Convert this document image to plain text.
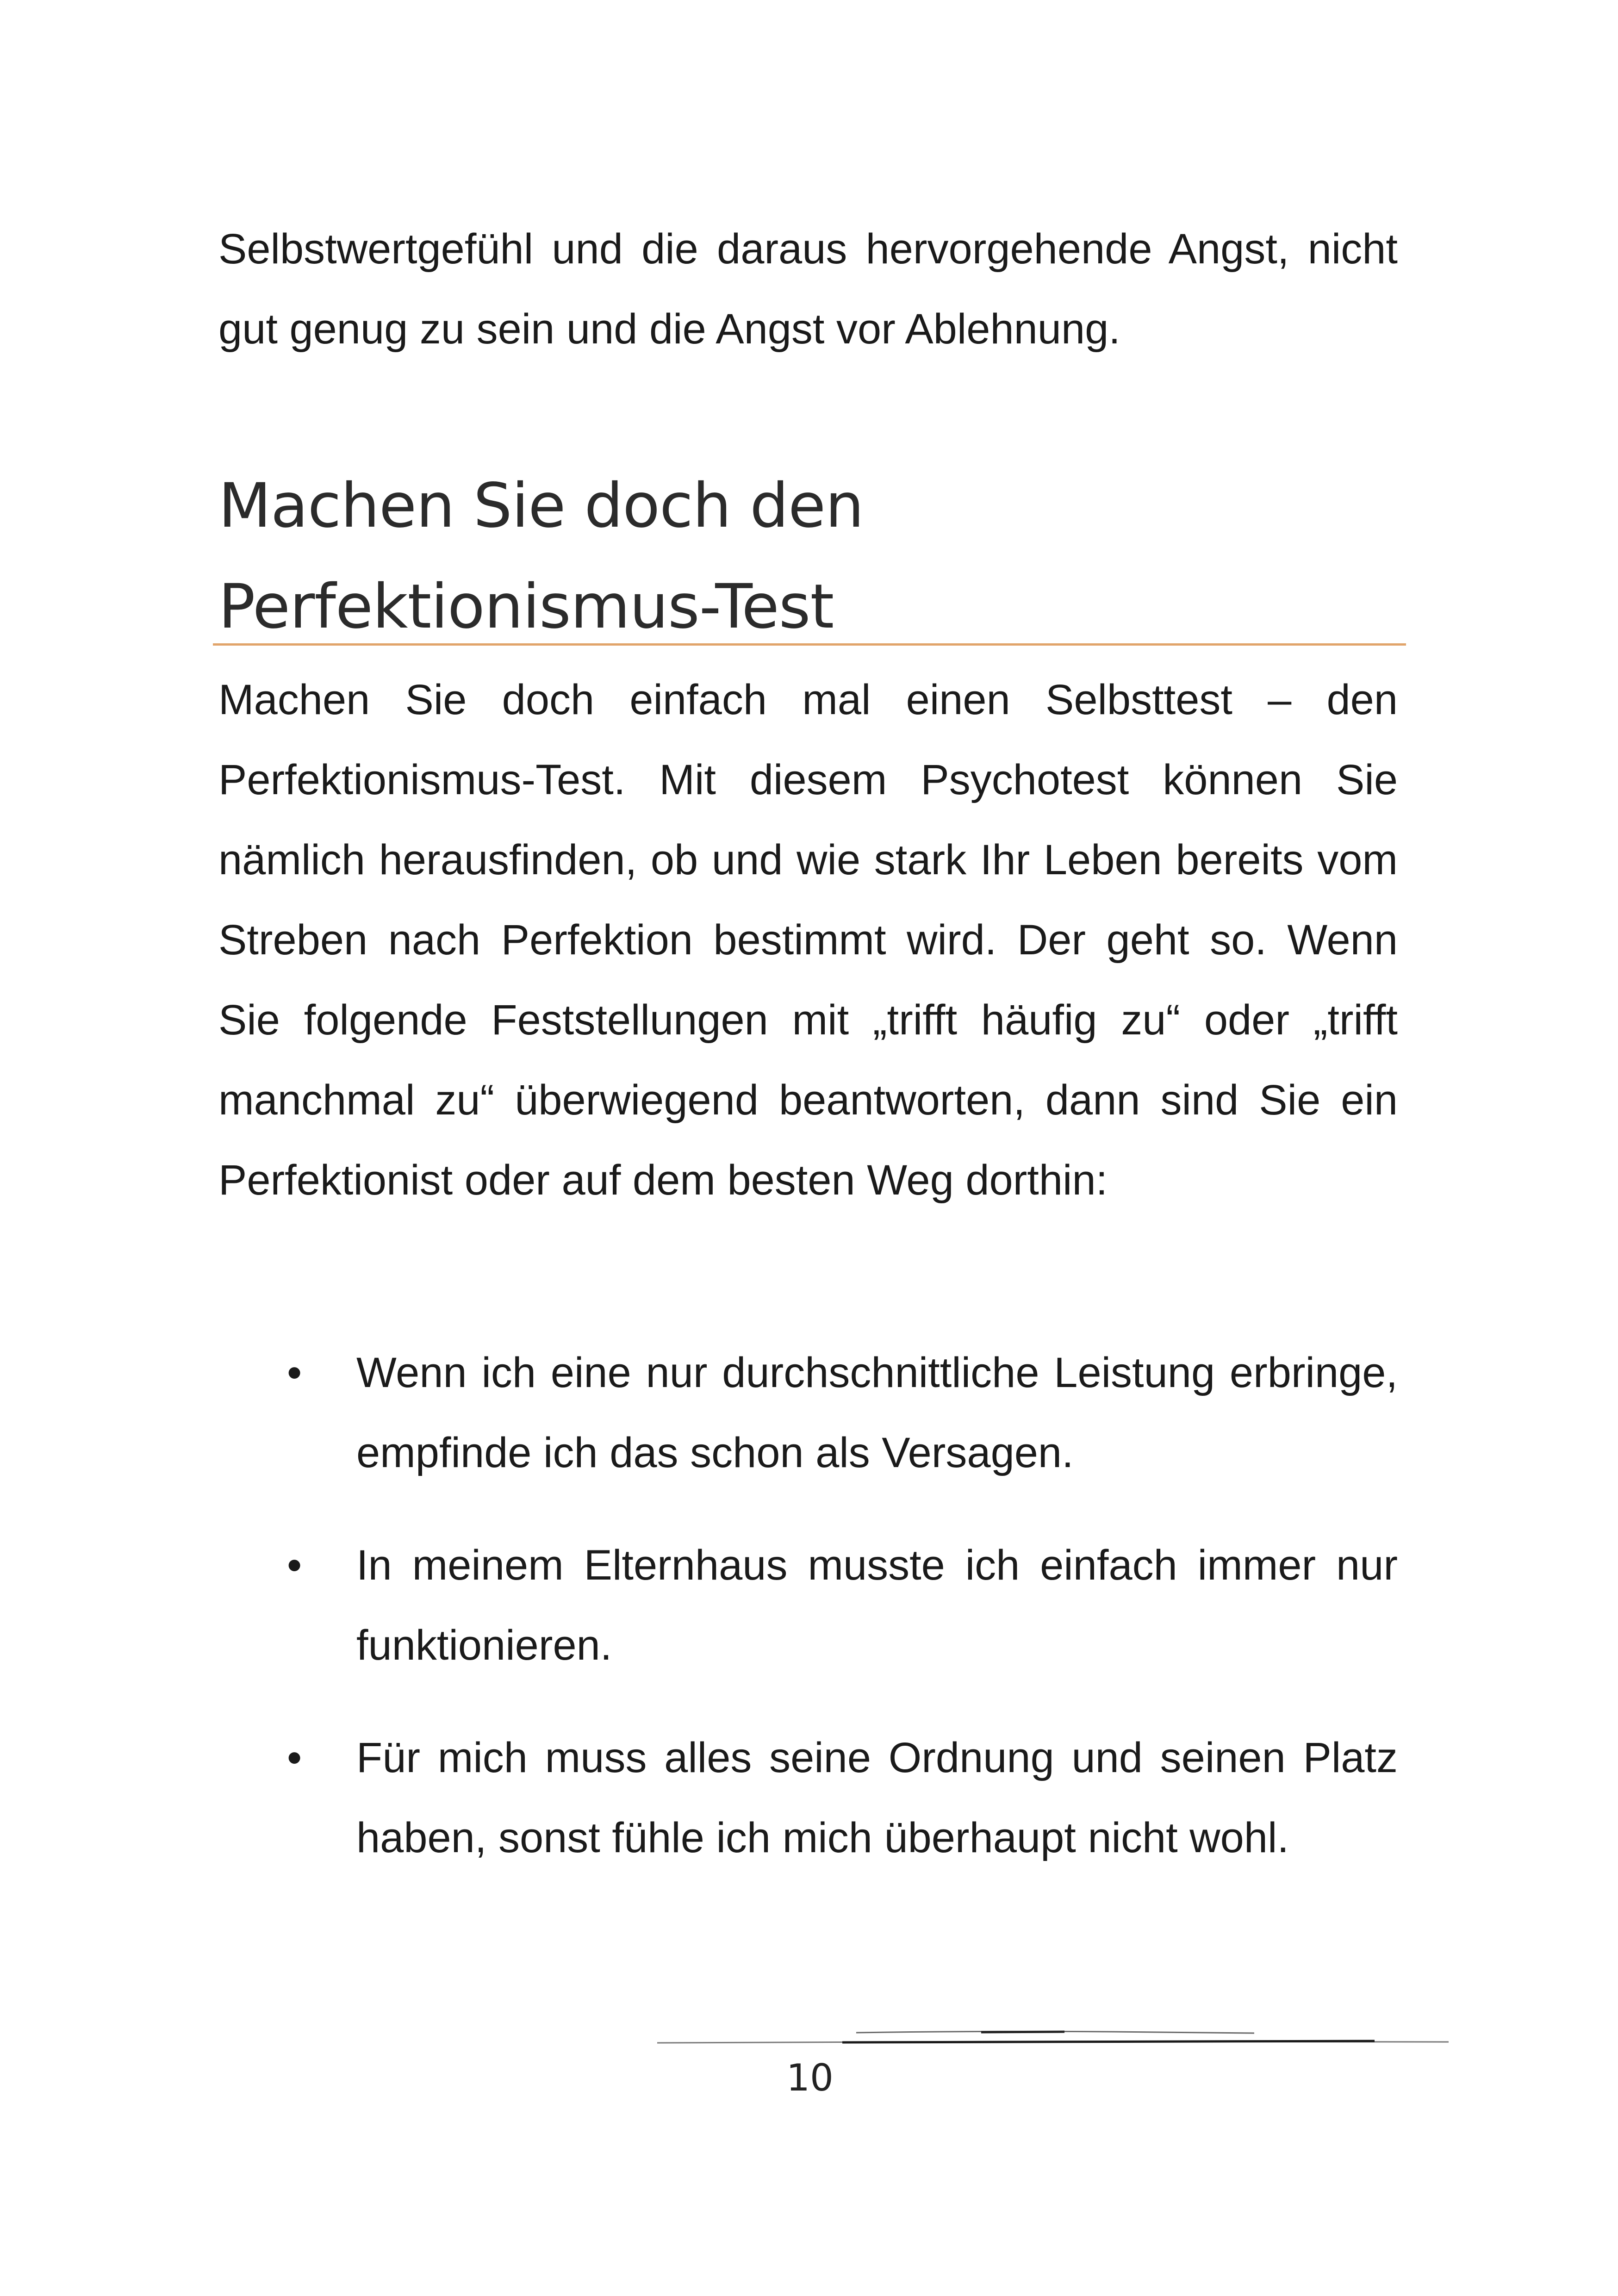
Selbstwertgefühl und die daraus hervorgehende Angst, nicht gut genug zu sein und die Angst vor Ablehnung.

Machen Sie doch den
Perfektionismus-Test

Machen Sie doch einfach mal einen Selbsttest – den Perfektionismus-Test. Mit diesem Psychotest können Sie nämlich herausfinden, ob und wie stark Ihr Leben bereits vom Streben nach Perfektion bestimmt wird. Der geht so. Wenn Sie folgende Feststellungen mit „trifft häufig zu“ oder „trifft manchmal zu“ überwiegend beantworten, dann sind Sie ein Perfektionist oder auf dem besten Weg dorthin:

• Wenn ich eine nur durchschnittliche Leistung erbringe, empfinde ich das schon als Versagen.
• In meinem Elternhaus musste ich einfach immer nur funktionieren.
• Für mich muss alles seine Ordnung und seinen Platz haben, sonst fühle ich mich überhaupt nicht wohl.
10
